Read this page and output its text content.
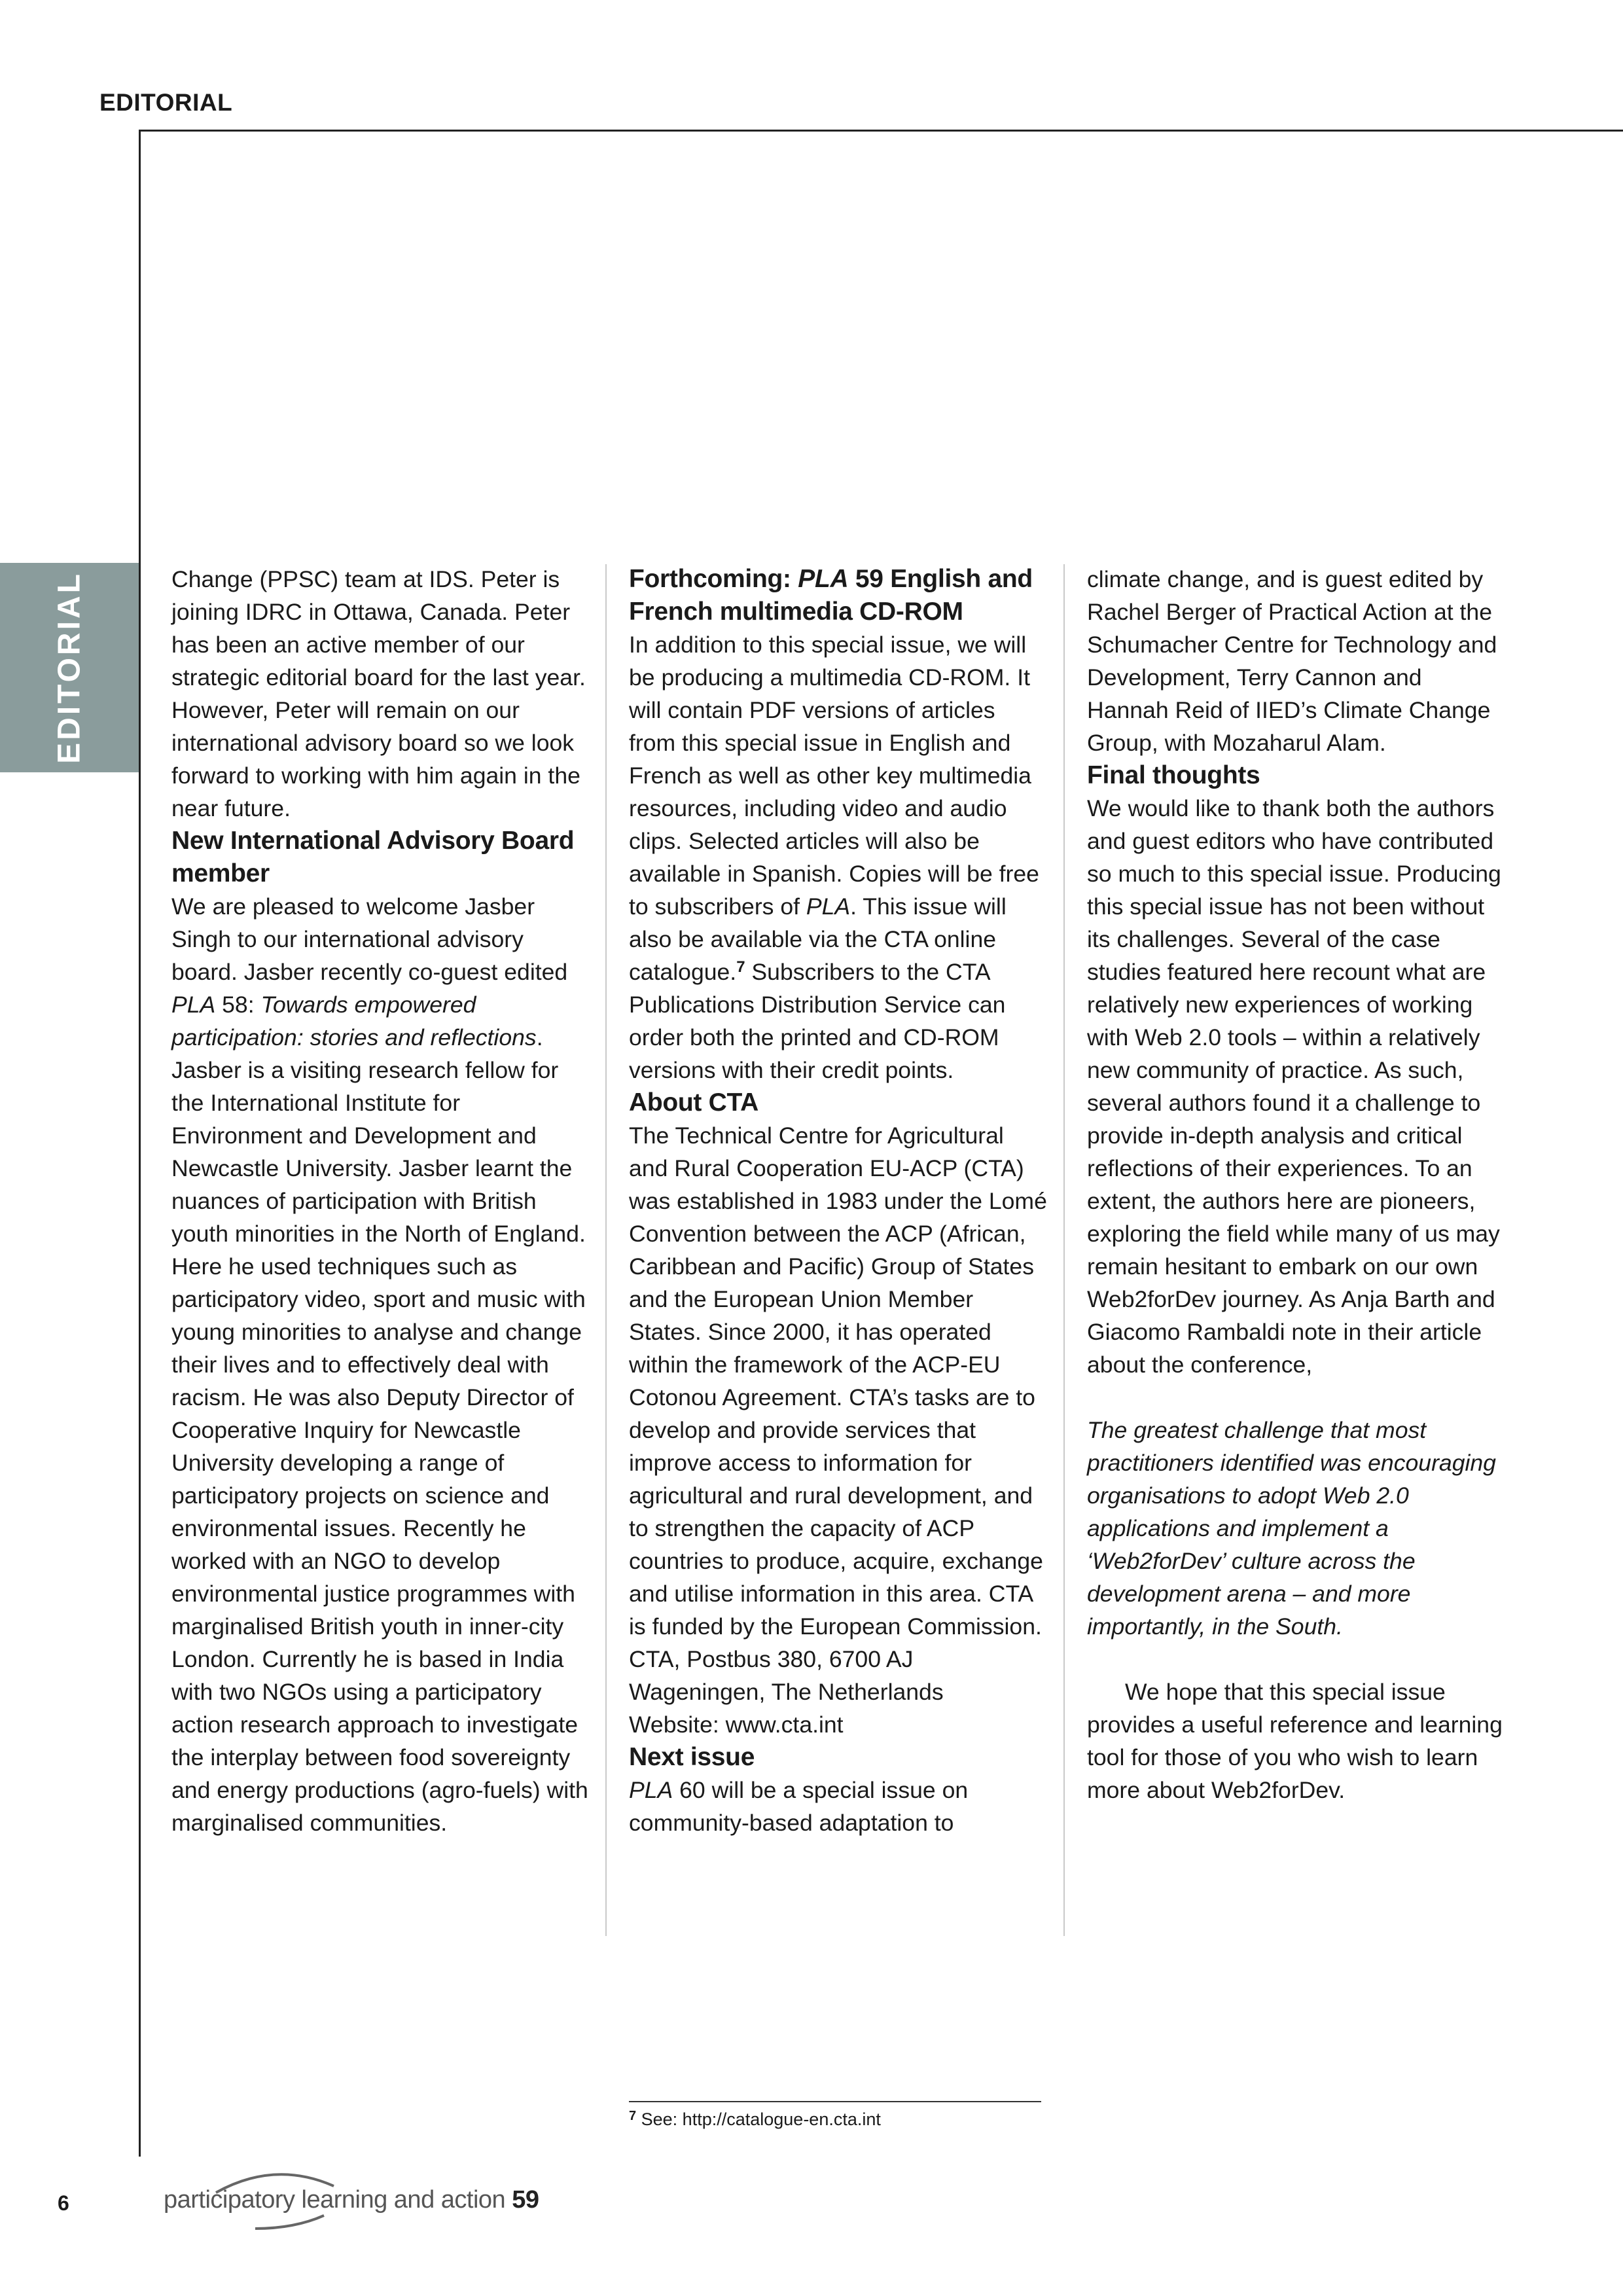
EDITORIAL
EDITORIAL	Change (PPSC) team at IDS. Peter is joining IDRC in Ottawa, Canada. Peter has been an active member of our strategic editorial board for the last year. However, Peter will remain on our international advisory board so we look forward to working with him again in the near future.

New International Advisory Board member

We are pleased to welcome Jasber Singh to our international advisory board. Jasber recently co-guest edited PLA 58: Towards empowered participation: stories and reflections. Jasber is a visiting research fellow for the International Institute for Environment and Development and Newcastle University. Jasber learnt the nuances of participation with British youth minorities in the North of England. Here he used techniques such as participatory video, sport and music with young minorities to analyse and change their lives and to effectively deal with racism. He was also Deputy Director of Cooperative Inquiry for Newcastle University developing a range of participatory projects on science and environmental issues. Recently he worked with an NGO to develop environmental justice programmes with marginalised British youth in inner-city London. Currently he is based in India with two NGOs using a participatory action research approach to investigate the interplay between food sovereignty and energy productions (agro-fuels) with marginalised communities.

Forthcoming: PLA 59 English and French multimedia CD-ROM

In addition to this special issue, we will be producing a multimedia CD-ROM. It will contain PDF versions of articles from this special issue in English and French as well as other key multimedia resources, including video and audio clips. Selected articles will also be available in Spanish. Copies will be free to subscribers of PLA. This issue will also be available via the CTA online catalogue.$^7$ Subscribers to the CTA Publications Distribution Service can order both the printed and CD-ROM versions with their credit points.

About CTA

The Technical Centre for Agricultural and Rural Cooperation EU-ACP (CTA) was established in 1983 under the Lomé Convention between the ACP (African, Caribbean and Pacific) Group of States and the European Union Member States. Since 2000, it has operated within the framework of the ACP-EU Cotonou Agreement. CTA’s tasks are to develop and provide services that improve access to information for agricultural and rural development, and to strengthen the capacity of ACP countries to produce, acquire, exchange and utilise information in this area. CTA is funded by the European Commission.

CTA, Postbus 380, 6700 AJ

Wageningen, The Netherlands

Website: www.cta.int

Next issue

PLA 60 will be a special issue on community-based adaptation to

climate change, and is guest edited by Rachel Berger of Practical Action at the Schumacher Centre for Technology and Development, Terry Cannon and Hannah Reid of IIED’s Climate Change Group, with Mozaharul Alam.

Final thoughts

We would like to thank both the authors and guest editors who have contributed so much to this special issue. Producing this special issue has not been without its challenges. Several of the case studies featured here recount what are relatively new experiences of working with Web 2.0 tools – within a relatively new community of practice. As such, several authors found it a challenge to provide in-depth analysis and critical reflections of their experiences. To an extent, the authors here are pioneers, exploring the field while many of us may remain hesitant to embark on our own Web2forDev journey. As Anja Barth and Giacomo Rambaldi note in their article about the conference,

The greatest challenge that most practitioners identified was encouraging organisations to adopt Web 2.0 applications and implement a ‘Web2forDev’ culture across the development arena – and more importantly, in the South.

We hope that this special issue provides a useful reference and learning tool for those of you who wish to learn more about Web2forDev.

$^7$ See: http://catalogue-en.cta.int
6	participatory learning and action 59
